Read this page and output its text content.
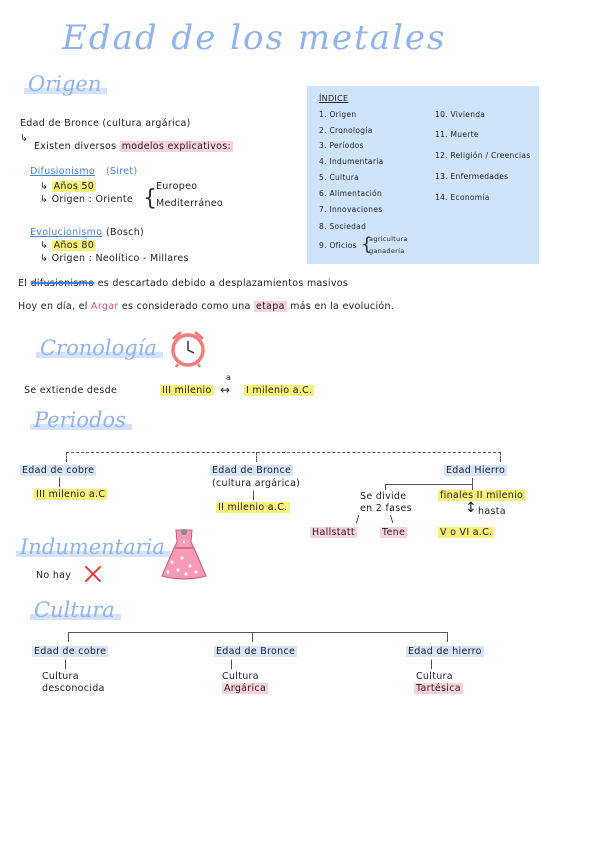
Edad de los metales
Origen
Edad de Bronce (cultura argárica)
↳
Existen diversos modelos explicativos:
Difusionismo (Siret)
↳ Años 50
↳ Origen : Oriente { Europeo
Mediterráneo
Evolucionismo (Bosch)
↳ Años 80
↳ Origen : Neolítico - Millares
El difusionismo es descartado debido a desplazamientos masivos
Hoy en día, el Argar es considerado como una etapa más en la evolución.
ÍNDICE
1. Origen
2. Cronología
3. Períodos
4. Indumentaria
5. Cultura
6. Alimentación
7. Innovaciones
8. Sociedad
9. Oficios {
agricultura
ganadería
10. Vivienda
11. Muerte
12. Religión / Creencias
13. Enfermedades
14. Economía
Cronología
Se extiende desde	III milenio
a
↔ I milenio a.C.
Periodos
Edad de cobre
|
III milenio a.C
Edad de Bronce
(cultura argárica)
|
II milenio a.C.
Edad Hierro
Se divide
en 2 fases
/	\
Hallstatt	Tene
finales II milenio
↕ hasta
V o VI a.C.
Indumentaria
No hay
Cultura
Edad de cobre
|
Cultura
desconocida
Edad de Bronce
|
Cultura
Argárica
Edad de hierro
|
Cultura
Tartésica
